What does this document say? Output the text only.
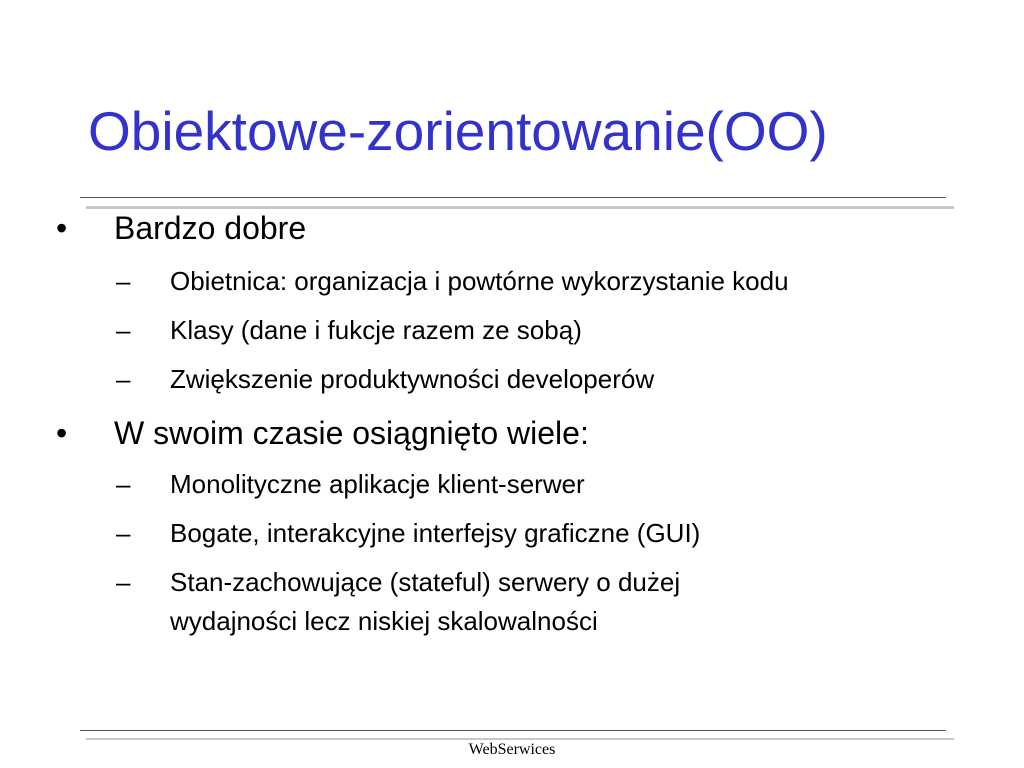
Obiektowe-zorientowanie(OO)
• Bardzo dobre
– Obietnica: organizacja i powtórne wykorzystanie kodu
– Klasy (dane i fukcje razem ze sobą)
– Zwiększenie produktywności developerów
• W swoim czasie osiągnięto wiele:
– Monolityczne aplikacje klient-serwer
– Bogate, interakcyjne interfejsy graficzne (GUI)
– Stan-zachowujące (stateful) serwery o dużej
wydajności lecz niskiej skalowalności
WebSerwices
